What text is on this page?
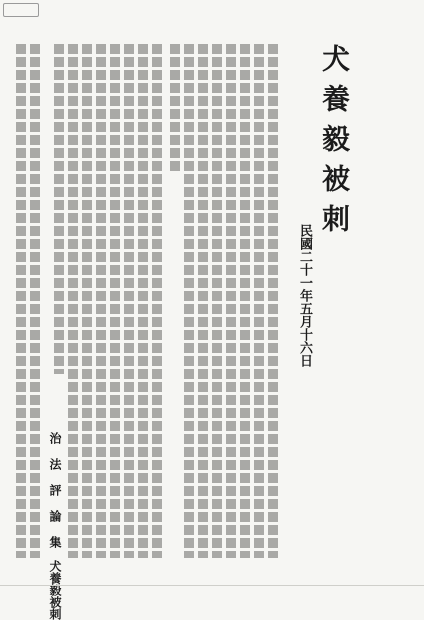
犬養毅被刺
民國二十一年五月十六日
治 法 評 論 集　犬養毅被刺
